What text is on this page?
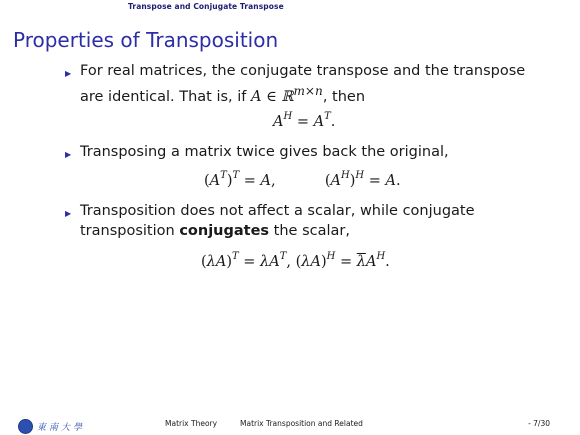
Transpose and Conjugate Transpose
Properties of Transposition
▶ For real matrices, the conjugate transpose and the transpose
are identical. That is, if A ∈ ℝ$^{m\times n}$, then
$A^H = A^T$.
▶ Transposing a matrix twice gives back the original,
$(A^T)^T = A$,	$(A^H)^H = A$.
▶ Transposition does not affect a scalar, while conjugate
transposition conjugates the scalar,
$(\lambda A)^T = \lambda A^T$, $(\lambda A)^H = \overline{\lambda}A^H$.
東南大學	Matrix Theory	Matrix Transposition and Related	- 7/30
